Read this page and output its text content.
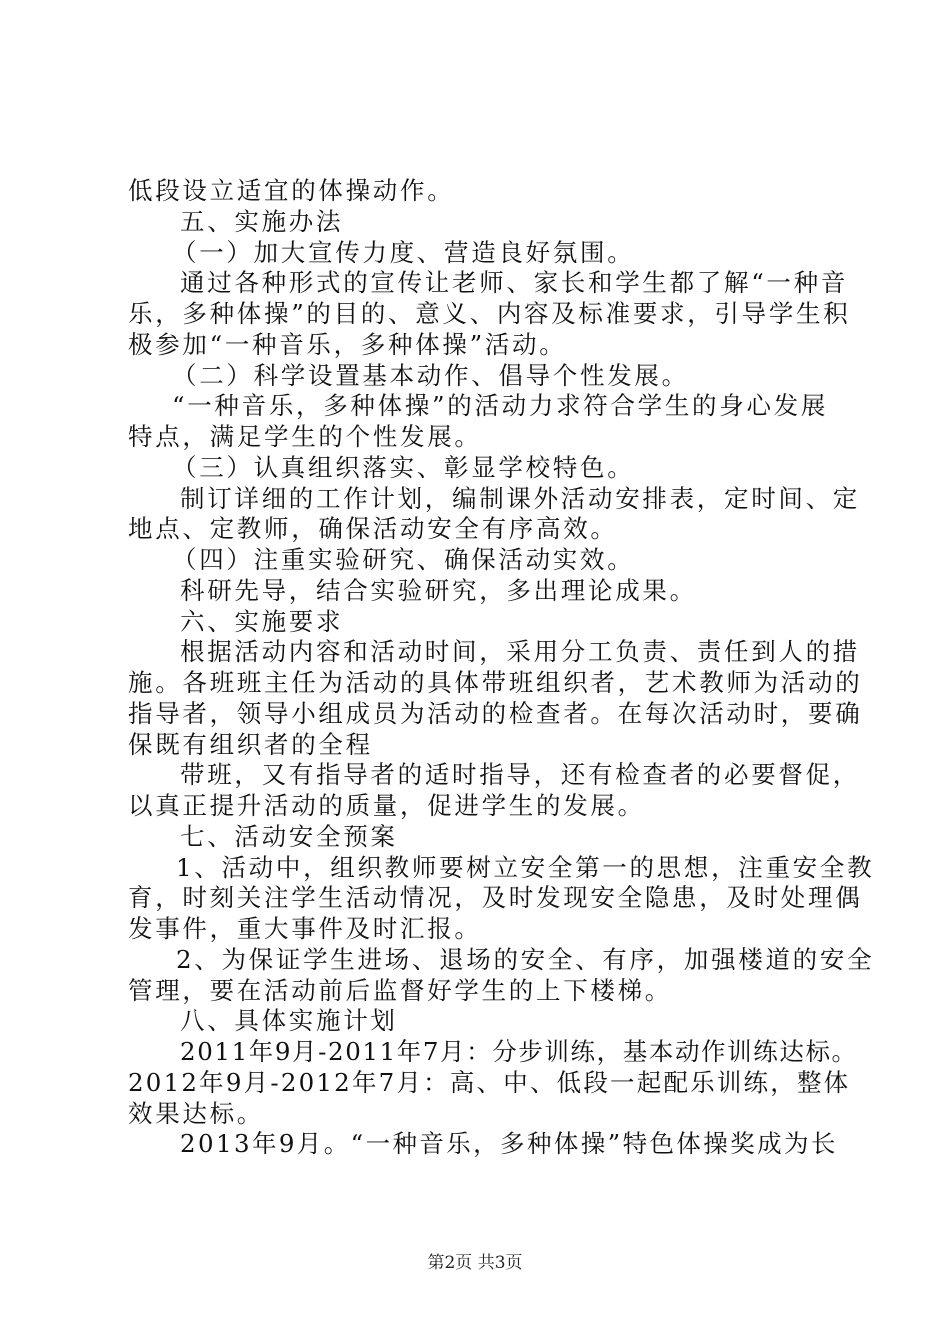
低段设立适宜的体操动作。
五、实施办法
（一）加大宣传力度、营造良好氛围。
通过各种形式的宣传让老师、家长和学生都了解“一种音
乐，多种体操”的目的、意义、内容及标准要求，引导学生积
极参加“一种音乐，多种体操”活动。
（二）科学设置基本动作、倡导个性发展。
“一种音乐，多种体操”的活动力求符合学生的身心发展
特点，满足学生的个性发展。
（三）认真组织落实、彰显学校特色。
制订详细的工作计划，编制课外活动安排表，定时间、定
地点、定教师，确保活动安全有序高效。
（四）注重实验研究、确保活动实效。
科研先导，结合实验研究，多出理论成果。
六、实施要求
根据活动内容和活动时间，采用分工负责、责任到人的措
施。各班班主任为活动的具体带班组织者，艺术教师为活动的
指导者，领导小组成员为活动的检查者。在每次活动时，要确
保既有组织者的全程
带班，又有指导者的适时指导，还有检查者的必要督促，
以真正提升活动的质量，促进学生的发展。
七、活动安全预案
1、活动中，组织教师要树立安全第一的思想，注重安全教
育，时刻关注学生活动情况，及时发现安全隐患，及时处理偶
发事件，重大事件及时汇报。
2、为保证学生进场、退场的安全、有序，加强楼道的安全
管理，要在活动前后监督好学生的上下楼梯。
八、具体实施计划
2011年9月-2011年7月：分步训练，基本动作训练达标。
2012年9月-2012年7月：高、中、低段一起配乐训练，整体
效果达标。
2013年9月。“一种音乐，多种体操”特色体操奖成为长
第2页 共3页
